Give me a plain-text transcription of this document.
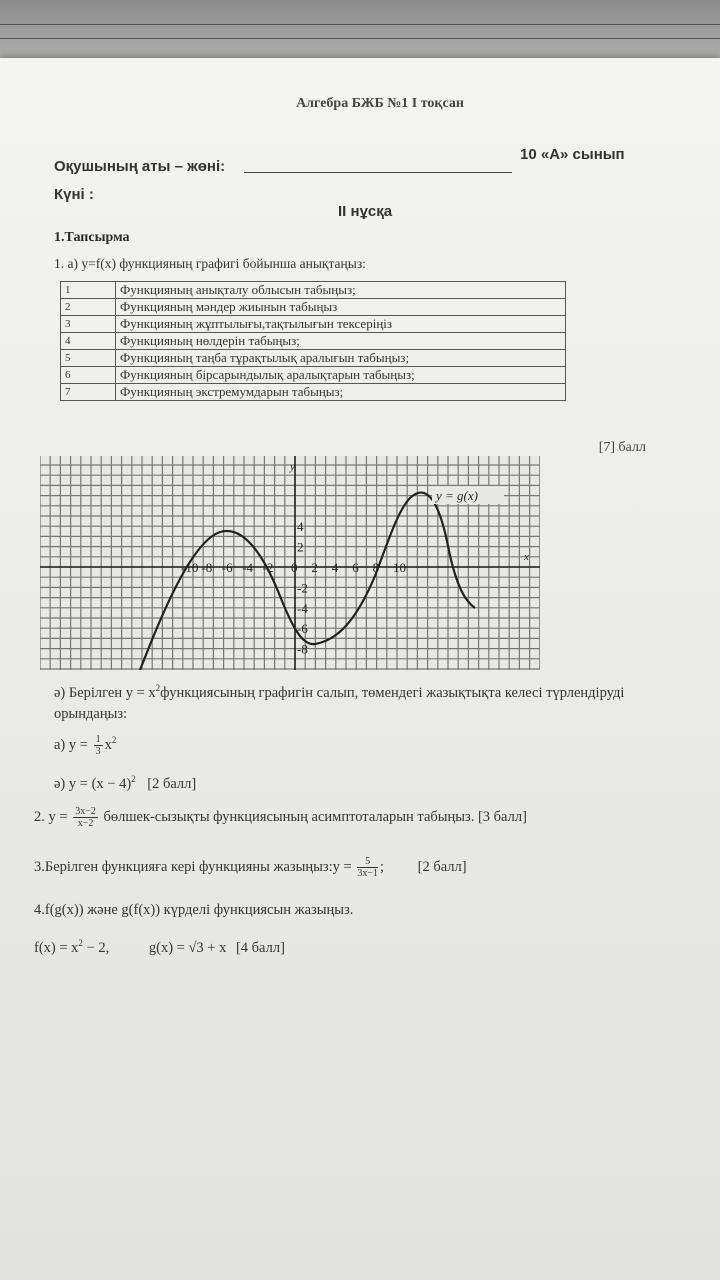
Алгебра БЖБ №1 I тоқсан
Оқушының аты – жөні:
10 «А» сынып
Күні :
ІІ нұсқа
1.Тапсырма
1. а) y=f(x) функцияның графигі бойынша анықтаңыз:
1	Функцияның анықталу облысын табыңыз;
2	Функцияның мәндер жиынын табыңыз
3	Функцияның жұптылығы,тақтылығын тексеріңіз
4	Функцияның нөлдерін табыңыз;
5	Функцияның таңба тұрақтылық аралығын табыңыз;
6	Функцияның бірсарындылық аралықтарын табыңыз;
7	Функцияның экстремумдарын табыңыз;
[7] балл
y = g(x)
y
x
-10 -8 -6 -4 -2 0 2 4 6 8 10
4
2
-2
-4
-6
-8
ә) Берілген $y = x^2функциясының$ графигін салып, төмендегі жазықтықта келесі түрлендіруді орындаңыз:
а) $y = \frac{1}{3} x^2$
ә) $y = (x - 4)^2$ [2 балл]
2. $y = \frac{3x-2}{x-2}$ бөлшек-сызықты функциясының асимптоталарын табыңыз. [3 балл]
3.Берілген функцияға кері функцияны жазыңыз:y = $\frac{5}{3x-1}$ ; [2 балл]
4.f(g(x)) және g(f(x)) күрделі функциясын жазыңыз.
$f(x) = x^2 - 2$,	g(x) = √3 + x [4 балл]
